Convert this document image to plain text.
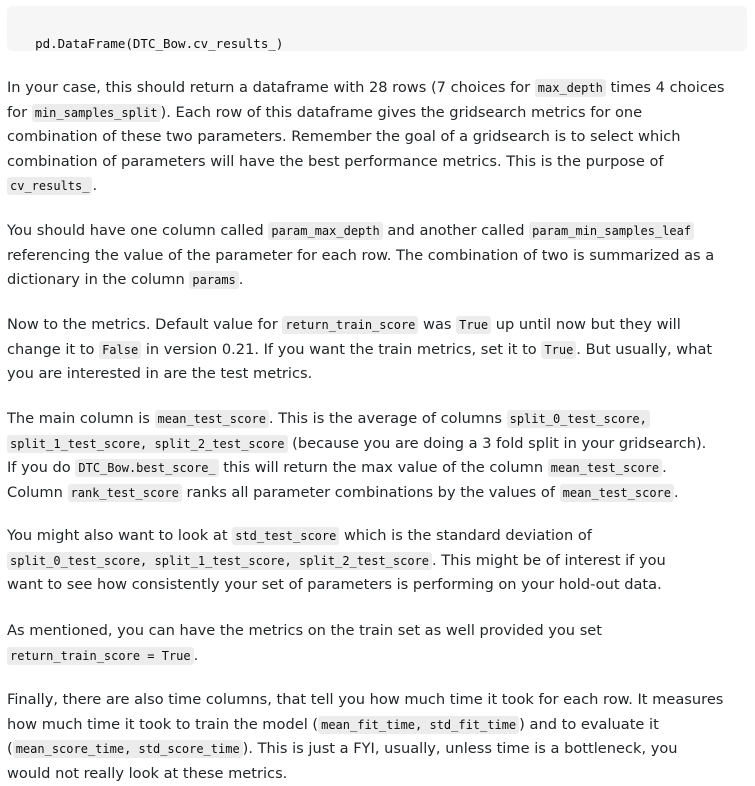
pd.DataFrame(DTC_Bow.cv_results_)

In your case, this should return a dataframe with 28 rows (7 choices for max_depth times 4 choices
for min_samples_split ). Each row of this dataframe gives the gridsearch metrics for one
combination of these two parameters. Remember the goal of a gridsearch is to select which
combination of parameters will have the best performance metrics. This is the purpose of
cv_results_ .
You should have one column called param_max_depth and another called param_min_samples_leaf
referencing the value of the parameter for each row. The combination of two is summarized as a
dictionary in the column params .
Now to the metrics. Default value for return_train_score was True up until now but they will
change it to False in version 0.21. If you want the train metrics, set it to True . But usually, what
you are interested in are the test metrics.
The main column is mean_test_score . This is the average of columns split_0_test_score,
split_1_test_score, split_2_test_score (because you are doing a 3 fold split in your gridsearch).
If you do DTC_Bow.best_score_ this will return the max value of the column mean_test_score .
Column rank_test_score ranks all parameter combinations by the values of mean_test_score .
You might also want to look at std_test_score which is the standard deviation of
split_0_test_score, split_1_test_score, split_2_test_score . This might be of interest if you
want to see how consistently your set of parameters is performing on your hold-out data.
As mentioned, you can have the metrics on the train set as well provided you set
return_train_score = True .
Finally, there are also time columns, that tell you how much time it took for each row. It measures
how much time it took to train the model ( mean_fit_time, std_fit_time ) and to evaluate it
( mean_score_time, std_score_time ). This is just a FYI, usually, unless time is a bottleneck, you
would not really look at these metrics.
